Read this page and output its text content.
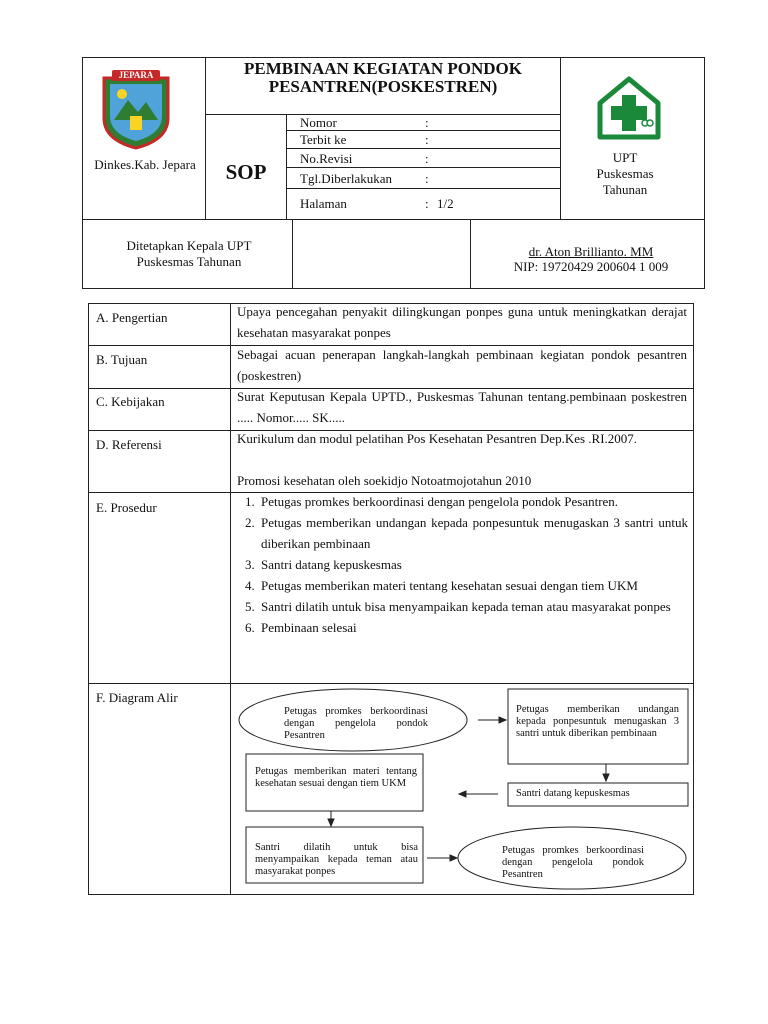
JEPARA
Dinkes.Kab. Jepara
PEMBINAAN KEGIATAN PONDOK PESANTREN(POSKESTREN)
SOP
Nomor	:
Terbit ke	:
No.Revisi	:
Tgl.Diberlakukan	:
Halaman	: 1/2
UPT Puskesmas Tahunan
Ditetapkan Kepala UPT Puskesmas Tahunan
dr. Aton Brillianto. MM
NIP: 19720429 200604 1 009
A. Pengertian	Upaya pencegahan penyakit dilingkungan ponpes guna untuk meningkatkan derajat kesehatan masyarakat ponpes
B. Tujuan	Sebagai acuan penerapan langkah-langkah pembinaan kegiatan pondok pesantren (poskestren)
C. Kebijakan	Surat Keputusan Kepala UPTD., Puskesmas Tahunan tentang.pembinaan poskestren ..... Nomor..... SK.....
D. Referensi	Kurikulum dan modul pelatihan Pos Kesehatan Pesantren Dep.Kes .RI.2007.
Promosi kesehatan oleh soekidjo Notoatmojotahun 2010
E. Prosedur
1.	Petugas promkes berkoordinasi dengan pengelola pondok Pesantren.
2. Petugas memberikan undangan kepada ponpesuntuk menugaskan 3 santri untuk diberikan pembinaan
3. Santri datang kepuskesmas
4. Petugas memberikan materi tentang kesehatan sesuai dengan tiem UKM
5. Santri dilatih untuk bisa menyampaikan kepada teman atau masyarakat ponpes
6. Pembinaan selesai
F. Diagram Alir
Petugas promkes berkoordinasi dengan pengelola pondok Pesantren
Petugas memberikan undangan kepada ponpesuntuk menugaskan 3 santri untuk diberikan pembinaan
Santri datang kepuskesmas
Petugas memberikan materi tentang kesehatan sesuai dengan tiem UKM
Santri dilatih untuk bisa menyampaikan kepada teman atau masyarakat ponpes
Petugas promkes berkoordinasi dengan pengelola pondok Pesantren
